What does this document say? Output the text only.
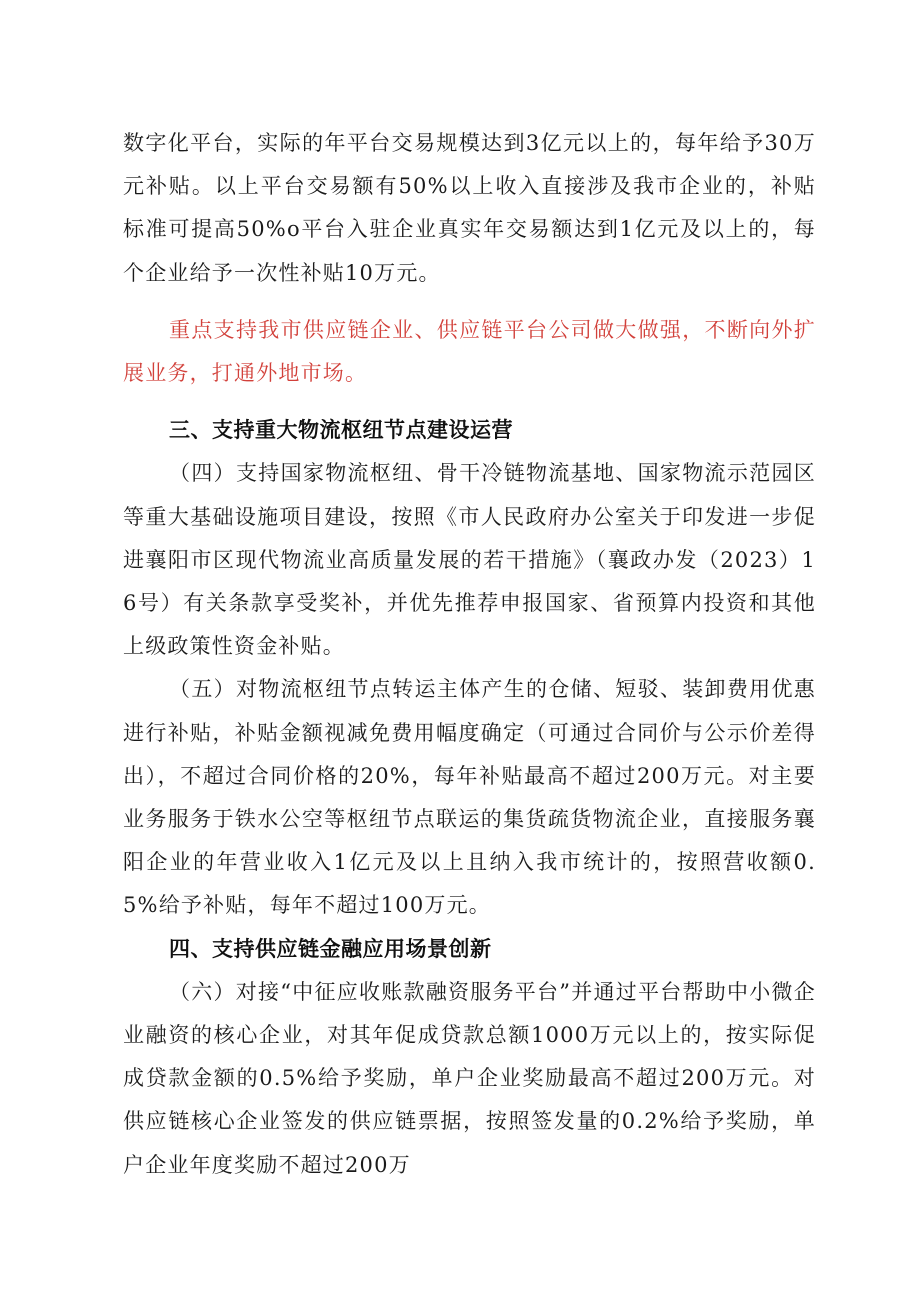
数字化平台，实际的年平台交易规模达到3亿元以上的，每年给予30万元补贴。以上平台交易额有50%以上收入直接涉及我市企业的，补贴标准可提高50%o平台入驻企业真实年交易额达到1亿元及以上的，每个企业给予一次性补贴10万元。

重点支持我市供应链企业、供应链平台公司做大做强，不断向外扩展业务，打通外地市场。

三、支持重大物流枢纽节点建设运营

（四）支持国家物流枢纽、骨干冷链物流基地、国家物流示范园区等重大基础设施项目建设，按照《市人民政府办公室关于印发进一步促进襄阳市区现代物流业高质量发展的若干措施》（襄政办发（2023）16号）有关条款享受奖补，并优先推荐申报国家、省预算内投资和其他上级政策性资金补贴。

（五）对物流枢纽节点转运主体产生的仓储、短驳、装卸费用优惠进行补贴，补贴金额视减免费用幅度确定（可通过合同价与公示价差得出），不超过合同价格的20%，每年补贴最高不超过200万元。对主要业务服务于铁水公空等枢纽节点联运的集货疏货物流企业，直接服务襄阳企业的年营业收入1亿元及以上且纳入我市统计的，按照营收额0.5%给予补贴，每年不超过100万元。

四、支持供应链金融应用场景创新

（六）对接“中征应收账款融资服务平台”并通过平台帮助中小微企业融资的核心企业，对其年促成贷款总额1000万元以上的，按实际促成贷款金额的0.5%给予奖励，单户企业奖励最高不超过200万元。对供应链核心企业签发的供应链票据，按照签发量的0.2%给予奖励，单户企业年度奖励不超过200万
